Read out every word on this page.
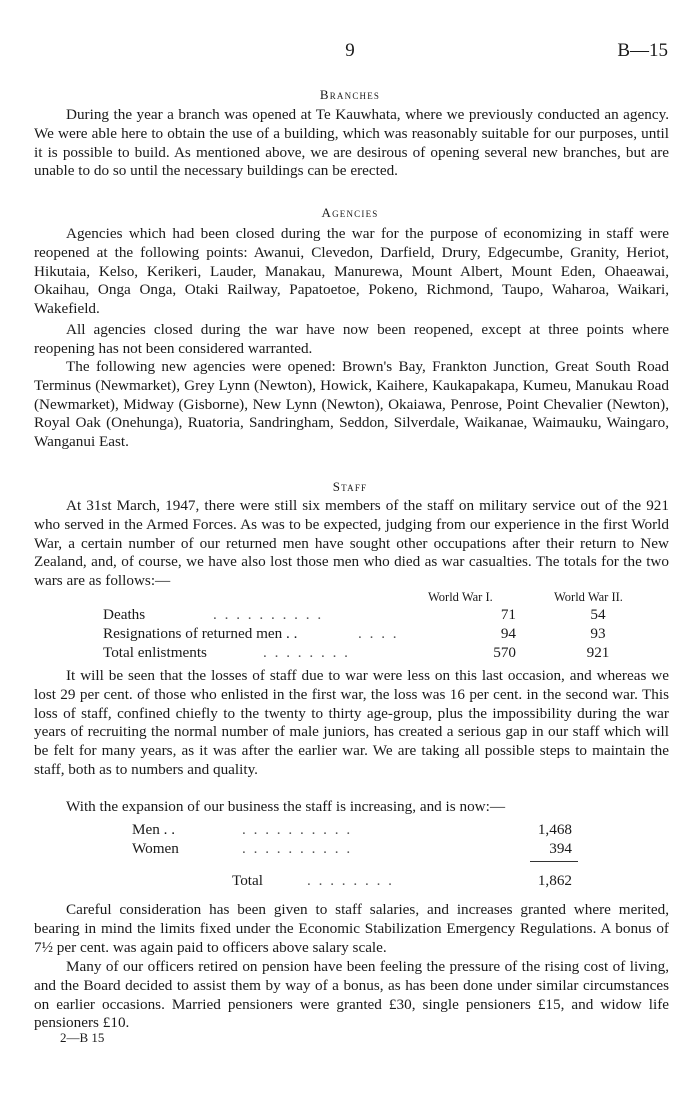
9	B—15
Branches
During the year a branch was opened at Te Kauwhata, where we previously conducted an agency. We were able here to obtain the use of a building, which was reasonably suitable for our purposes, until it is possible to build. As mentioned above, we are desirous of opening several new branches, but are unable to do so until the necessary buildings can be erected.
Agencies
Agencies which had been closed during the war for the purpose of economizing in staff were reopened at the following points: Awanui, Clevedon, Darfield, Drury, Edgecumbe, Granity, Heriot, Hikutaia, Kelso, Kerikeri, Lauder, Manakau, Manurewa, Mount Albert, Mount Eden, Ohaeawai, Okaihau, Onga Onga, Otaki Railway, Papatoetoe, Pokeno, Richmond, Taupo, Waharoa, Waikari, Wakefield.
All agencies closed during the war have now been reopened, except at three points where reopening has not been considered warranted.
The following new agencies were opened: Brown's Bay, Frankton Junction, Great South Road Terminus (Newmarket), Grey Lynn (Newton), Howick, Kaihere, Kaukapakapa, Kumeu, Manukau Road (Newmarket), Midway (Gisborne), New Lynn (Newton), Okaiawa, Penrose, Point Chevalier (Newton), Royal Oak (Onehunga), Ruatoria, Sandringham, Seddon, Silverdale, Waikanae, Waimauku, Waingaro, Wanganui East.
Staff
At 31st March, 1947, there were still six members of the staff on military service out of the 921 who served in the Armed Forces. As was to be expected, judging from our experience in the first World War, a certain number of our returned men have sought other occupations after their return to New Zealand, and, of course, we have also lost those men who died as war casualties. The totals for the two wars are as follows:—
World War I.	World War II.
Deaths	. . . . . . . . . .	71	54
Resignations of returned men . .	. . . .	94	93
Total enlistments	. . . . . . . .	570	921
It will be seen that the losses of staff due to war were less on this last occasion, and whereas we lost 29 per cent. of those who enlisted in the first war, the loss was 16 per cent. in the second war. This loss of staff, confined chiefly to the twenty to thirty age-group, plus the impossibility during the war years of recruiting the normal number of male juniors, has created a serious gap in our staff which will be felt for many years, as it was after the earlier war. We are taking all possible steps to maintain the staff, both as to numbers and quality.
With the expansion of our business the staff is increasing, and is now:—
Men . .	. . . . . . . . . .	1,468
Women	. . . . . . . . . .	394
Total	. . . . . . . .	1,862
Careful consideration has been given to staff salaries, and increases granted where merited, bearing in mind the limits fixed under the Economic Stabilization Emergency Regulations. A bonus of 7½ per cent. was again paid to officers above salary scale.
Many of our officers retired on pension have been feeling the pressure of the rising cost of living, and the Board decided to assist them by way of a bonus, as has been done under similar circumstances on earlier occasions. Married pensioners were granted £30, single pensioners £15, and widow life pensioners £10.
2—B 15
